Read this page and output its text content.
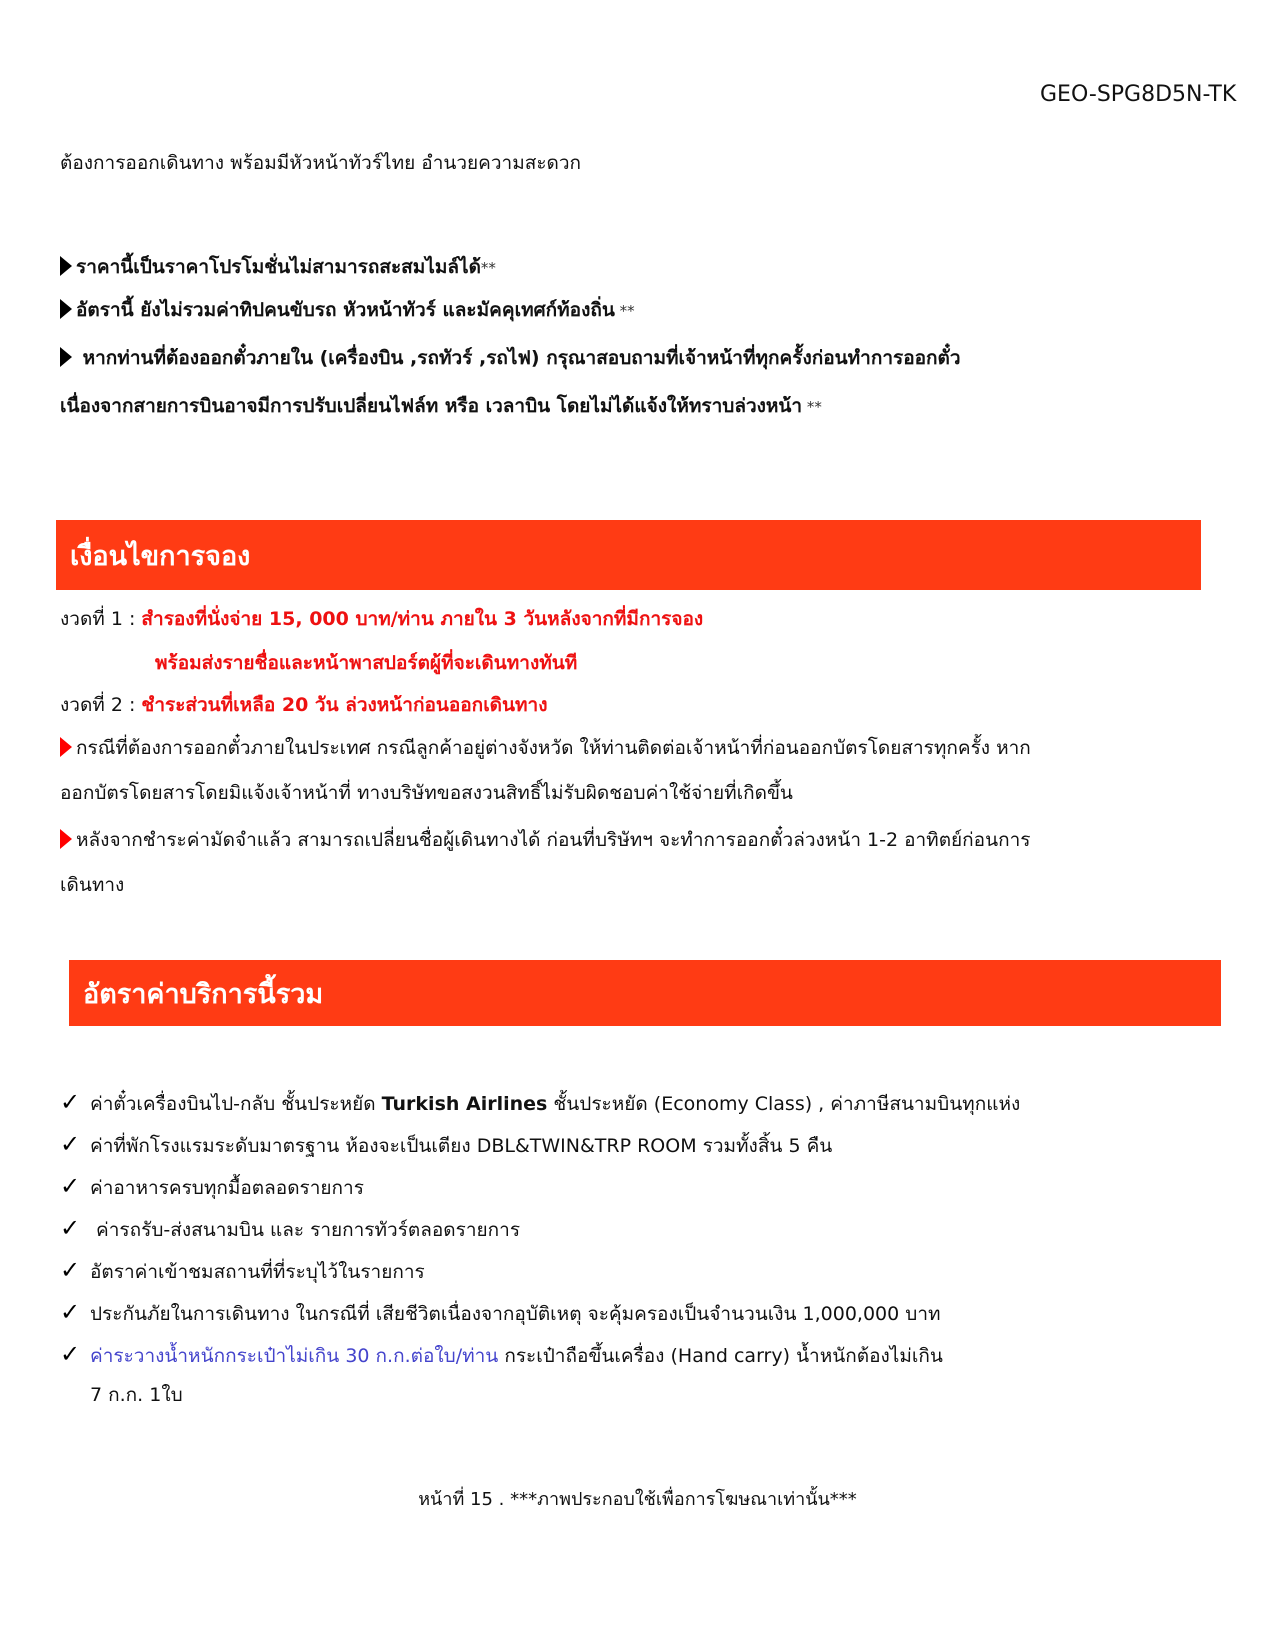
GEO-SPG8D5N-TK
ต้องการออกเดินทาง พร้อมมีหัวหน้าทัวร์ไทย อำนวยความสะดวก
ราคานี้เป็นราคาโปรโมชั่นไม่สามารถสะสมไมล์ได้**
อัตรานี้ ยังไม่รวมค่าทิปคนขับรถ หัวหน้าทัวร์ และมัคคุเทศก์ท้องถิ่น **
หากท่านที่ต้องออกตั๋วภายใน (เครื่องบิน ,รถทัวร์ ,รถไฟ) กรุณาสอบถามที่เจ้าหน้าที่ทุกครั้งก่อนทำการออกตั๋ว
เนื่องจากสายการบินอาจมีการปรับเปลี่ยนไฟล์ท หรือ เวลาบิน โดยไม่ได้แจ้งให้ทราบล่วงหน้า **
เงื่อนไขการจอง
งวดที่ 1 : สำรองที่นั่งจ่าย 15, 000 บาท/ท่าน ภายใน 3 วันหลังจากที่มีการจอง
พร้อมส่งรายชื่อและหน้าพาสปอร์ตผู้ที่จะเดินทางทันที
งวดที่ 2 : ชำระส่วนที่เหลือ 20 วัน ล่วงหน้าก่อนออกเดินทาง
กรณีที่ต้องการออกตั๋วภายในประเทศ กรณีลูกค้าอยู่ต่างจังหวัด ให้ท่านติดต่อเจ้าหน้าที่ก่อนออกบัตรโดยสารทุกครั้ง หาก
ออกบัตรโดยสารโดยมิแจ้งเจ้าหน้าที่ ทางบริษัทขอสงวนสิทธิ์ไม่รับผิดชอบค่าใช้จ่ายที่เกิดขึ้น
หลังจากชำระค่ามัดจำแล้ว สามารถเปลี่ยนชื่อผู้เดินทางได้ ก่อนที่บริษัทฯ จะทำการออกตั๋วล่วงหน้า 1-2 อาทิตย์ก่อนการ
เดินทาง
อัตราค่าบริการนี้รวม
✓ ค่าตั๋วเครื่องบินไป-กลับ ชั้นประหยัด Turkish Airlines ชั้นประหยัด (Economy Class) , ค่าภาษีสนามบินทุกแห่ง
✓ ค่าที่พักโรงแรมระดับมาตรฐาน ห้องจะเป็นเตียง DBL&TWIN&TRP ROOM รวมทั้งสิ้น 5 คืน
✓ ค่าอาหารครบทุกมื้อตลอดรายการ
✓ ค่ารถรับ-ส่งสนามบิน และ รายการทัวร์ตลอดรายการ
✓ อัตราค่าเข้าชมสถานที่ที่ระบุไว้ในรายการ
✓ ประกันภัยในการเดินทาง ในกรณีที่ เสียชีวิตเนื่องจากอุบัติเหตุ จะคุ้มครองเป็นจำนวนเงิน 1,000,000 บาท
✓ ค่าระวางน้ำหนักกระเป๋าไม่เกิน 30 ก.ก.ต่อใบ/ท่าน กระเป๋าถือขึ้นเครื่อง (Hand carry) น้ำหนักต้องไม่เกิน
7 ก.ก. 1ใบ
หน้าที่ 15 . ***ภาพประกอบใช้เพื่อการโฆษณาเท่านั้น***
